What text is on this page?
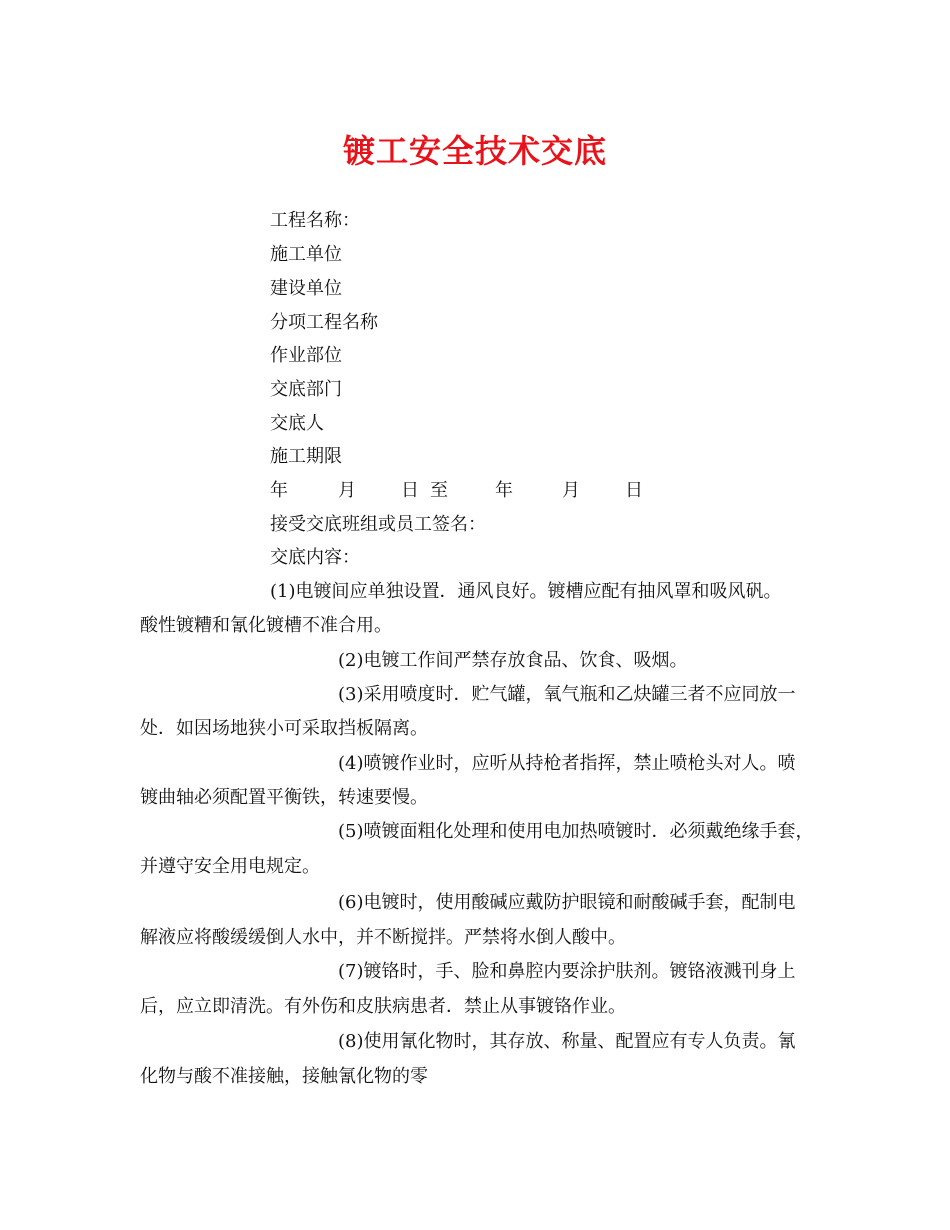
镀工安全技术交底
工程名称：
施工单位
建设单位
分项工程名称
作业部位
交底部门
交底人
施工期限
年	月	日 至	年	月	日
接受交底班组或员工签名：
交底内容：
(1)电镀间应单独设置．通风良好。镀槽应配有抽风罩和吸风矾。
酸性镀糟和氰化镀槽不准合用。
(2)电镀工作间严禁存放食品、饮食、吸烟。
(3)采用喷度时．贮气罐，氧气瓶和乙炔罐三者不应同放一
处．如因场地狭小可采取挡板隔离。
(4)喷镀作业时，应听从持枪者指挥，禁止喷枪头对人。喷
镀曲轴必须配置平衡铁，转速要慢。
(5)喷镀面粗化处理和使用电加热喷镀时．必须戴绝缘手套，
并遵守安全用电规定。
(6)电镀时，使用酸碱应戴防护眼镜和耐酸碱手套，配制电
解液应将酸缓缓倒人水中，并不断搅拌。严禁将水倒人酸中。
(7)镀铬时，手、脸和鼻腔内要涂护肤剂。镀铬液溅刊身上
后，应立即清洗。有外伤和皮肤病患者．禁止从事镀铬作业。
(8)使用氰化物时，其存放、称量、配置应有专人负责。氰
化物与酸不准接触，接触氰化物的零
